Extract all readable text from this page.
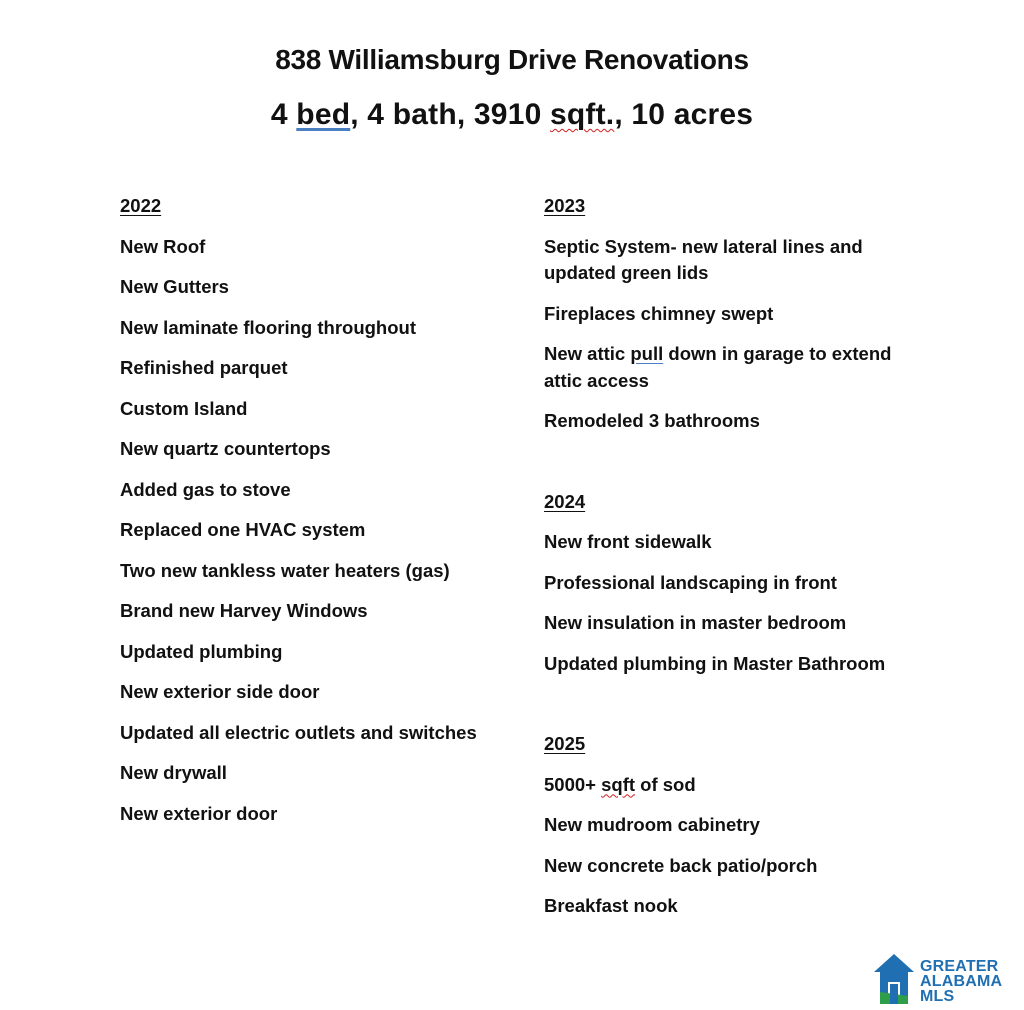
838 Williamsburg Drive Renovations
4 bed, 4 bath, 3910 sqft., 10 acres
2022
New Roof
New Gutters
New laminate flooring throughout
Refinished parquet
Custom Island
New quartz countertops
Added gas to stove
Replaced one HVAC system
Two new tankless water heaters (gas)
Brand new Harvey Windows
Updated plumbing
New exterior side door
Updated all electric outlets and switches
New drywall
New exterior door
2023
Septic System- new lateral lines and updated green lids
Fireplaces chimney swept
New attic pull down in garage to extend attic access
Remodeled 3 bathrooms
2024
New front sidewalk
Professional landscaping in front
New insulation in master bedroom
Updated plumbing in Master Bathroom
2025
5000+ sqft of sod
New mudroom cabinetry
New concrete back patio/porch
Breakfast nook
GREATER
ALABAMA
MLS
